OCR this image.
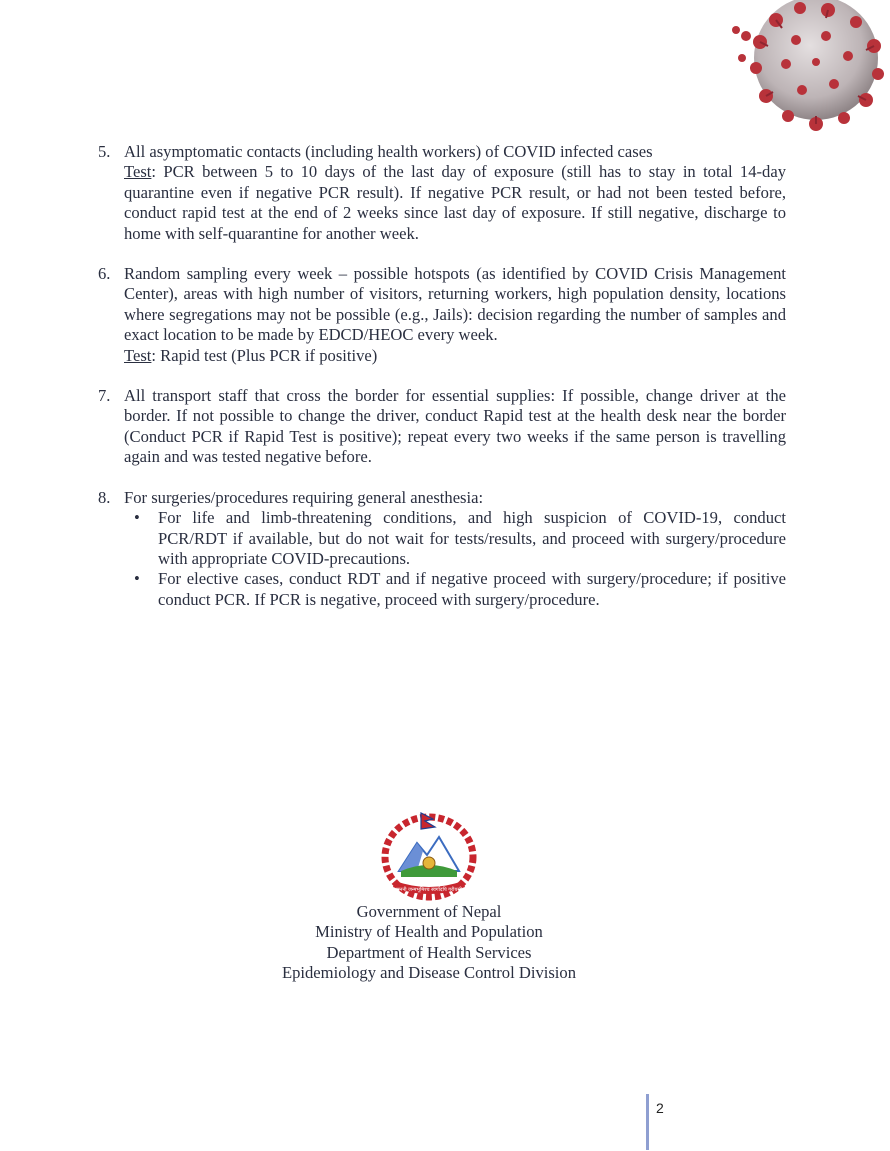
5. All asymptomatic contacts (including health workers) of COVID infected cases

Test: PCR between 5 to 10 days of the last day of exposure (still has to stay in total 14-day quarantine even if negative PCR result). If negative PCR result, or had not been tested before, conduct rapid test at the end of 2 weeks since last day of exposure. If still negative, discharge to home with self-quarantine for another week.

6. Random sampling every week – possible hotspots (as identified by COVID Crisis Management Center), areas with high number of visitors, returning workers, high population density, locations where segregations may not be possible (e.g., Jails): decision regarding the number of samples and exact location to be made by EDCD/HEOC every week.

Test: Rapid test (Plus PCR if positive)

7. All transport staff that cross the border for essential supplies: If possible, change driver at the border. If not possible to change the driver, conduct Rapid test at the health desk near the border (Conduct PCR if Rapid Test is positive); repeat every two weeks if the same person is travelling again and was tested negative before.

8. For surgeries/procedures requiring general anesthesia:

•	For life and limb-threatening conditions, and high suspicion of COVID-19, conduct PCR/RDT if available, but do not wait for tests/results, and proceed with surgery/procedure with appropriate COVID-precautions.
•	For elective cases, conduct RDT and if negative proceed with surgery/procedure; if positive conduct PCR. If PCR is negative, proceed with surgery/procedure.
जननी जन्मभूमिश्च स्वर्गादपि गरीयसी
Government of Nepal
Ministry of Health and Population
Department of Health Services
Epidemiology and Disease Control Division
2
